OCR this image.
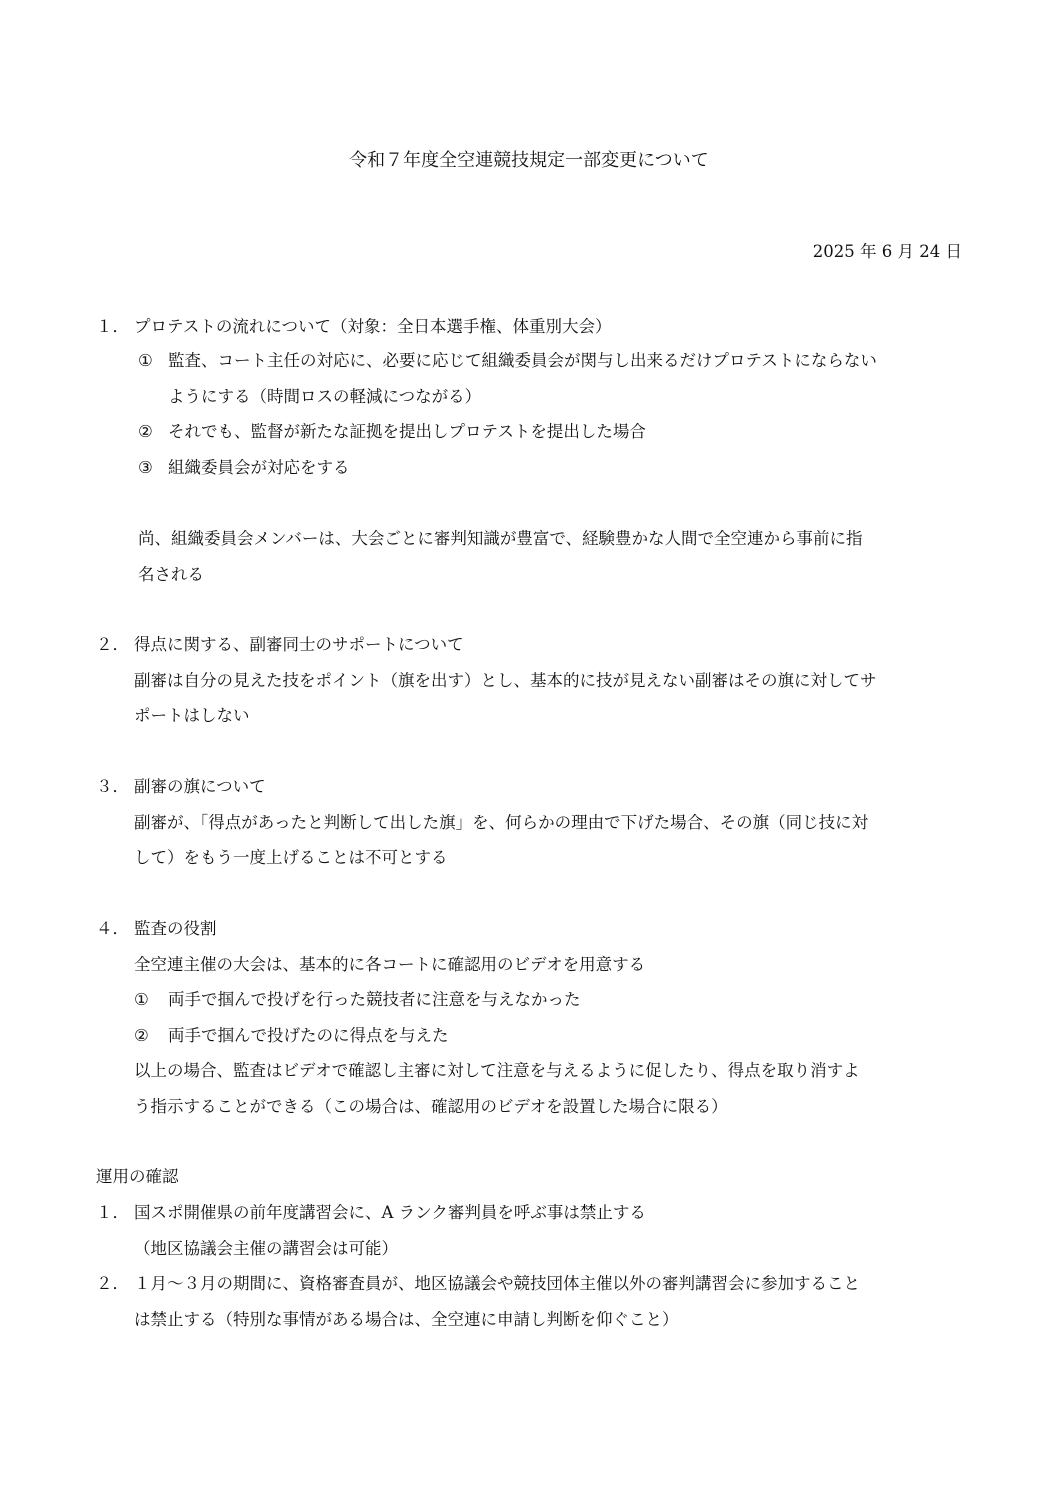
令和７年度全空連競技規定一部変更について
2025 年 6 月 24 日
１． プロテストの流れについて（対象：全日本選手権、体重別大会）
① 監査、コート主任の対応に、必要に応じて組織委員会が関与し出来るだけプロテストにならない
ようにする（時間ロスの軽減につながる）
② それでも、監督が新たな証拠を提出しプロテストを提出した場合
③ 組織委員会が対応をする
尚、組織委員会メンバーは、大会ごとに審判知識が豊富で、経験豊かな人間で全空連から事前に指
名される
２． 得点に関する、副審同士のサポートについて
副審は自分の見えた技をポイント（旗を出す）とし、基本的に技が見えない副審はその旗に対してサ
ポートはしない
３． 副審の旗について
副審が、「得点があったと判断して出した旗」を、何らかの理由で下げた場合、その旗（同じ技に対
して）をもう一度上げることは不可とする
４． 監査の役割
全空連主催の大会は、基本的に各コートに確認用のビデオを用意する
① 両手で掴んで投げを行った競技者に注意を与えなかった
② 両手で掴んで投げたのに得点を与えた
以上の場合、監査はビデオで確認し主審に対して注意を与えるように促したり、得点を取り消すよ
う指示することができる（この場合は、確認用のビデオを設置した場合に限る）
運用の確認
１． 国スポ開催県の前年度講習会に、A ランク審判員を呼ぶ事は禁止する
（地区協議会主催の講習会は可能）
２． １月～３月の期間に、資格審査員が、地区協議会や競技団体主催以外の審判講習会に参加すること
は禁止する（特別な事情がある場合は、全空連に申請し判断を仰ぐこと）
